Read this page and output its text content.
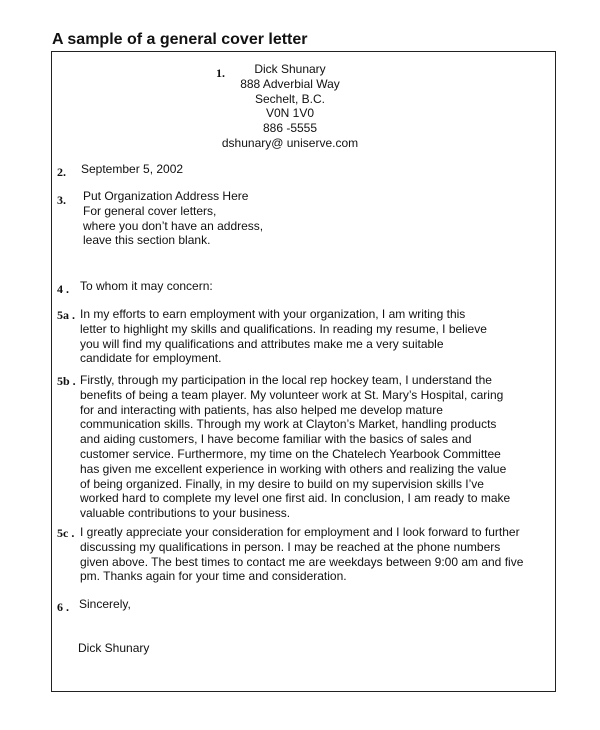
A sample of a general cover letter
1.	Dick Shunary
888 Adverbial Way
Sechelt, B.C.
V0N 1V0
886 -5555
dshunary@ uniserve.com
2. September 5, 2002
3. Put Organization Address Here
For general cover letters,
where you don’t have an address,
leave this section blank.
4 . To whom it may concern:
5a . In my efforts to earn employment with your organization, I am writing this
letter to highlight my skills and qualifications. In reading my resume, I believe
you will find my qualifications and attributes make me a very suitable
candidate for employment.
5b . Firstly, through my participation in the local rep hockey team, I understand the
benefits of being a team player. My volunteer work at St. Mary’s Hospital, caring
for and interacting with patients, has also helped me develop mature
communication skills. Through my work at Clayton’s Market, handling products
and aiding customers, I have become familiar with the basics of sales and
customer service. Furthermore, my time on the Chatelech Yearbook Committee
has given me excellent experience in working with others and realizing the value
of being organized. Finally, in my desire to build on my supervision skills I’ve
worked hard to complete my level one first aid. In conclusion, I am ready to make
valuable contributions to your business.
5c . I greatly appreciate your consideration for employment and I look forward to further
discussing my qualifications in person. I may be reached at the phone numbers
given above. The best times to contact me are weekdays between 9:00 am and five
pm. Thanks again for your time and consideration.
6 . Sincerely,
Dick Shunary
